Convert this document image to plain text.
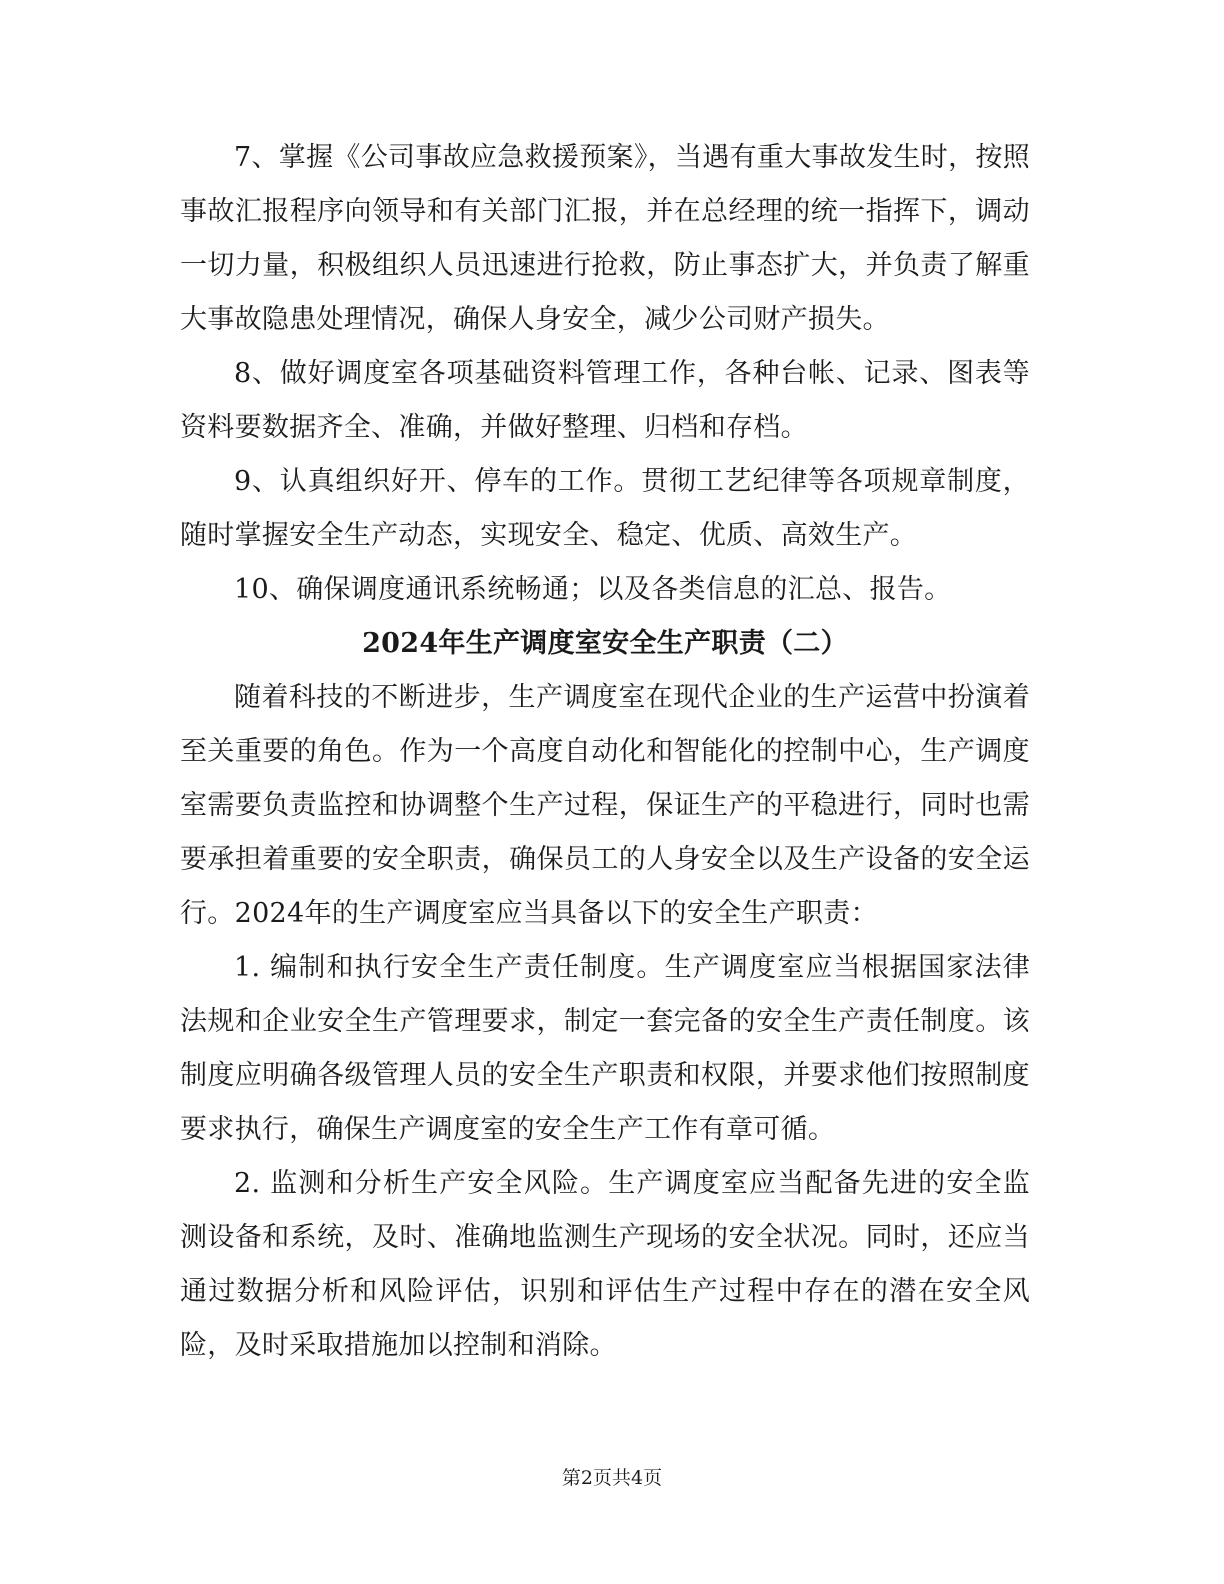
7、掌握《公司事故应急救援预案》，当遇有重大事故发生时，按照事故汇报程序向领导和有关部门汇报，并在总经理的统一指挥下，调动一切力量，积极组织人员迅速进行抢救，防止事态扩大，并负责了解重大事故隐患处理情况，确保人身安全，减少公司财产损失。

8、做好调度室各项基础资料管理工作，各种台帐、记录、图表等资料要数据齐全、准确，并做好整理、归档和存档。

9、认真组织好开、停车的工作。贯彻工艺纪律等各项规章制度，随时掌握安全生产动态，实现安全、稳定、优质、高效生产。

10、确保调度通讯系统畅通；以及各类信息的汇总、报告。

2024年生产调度室安全生产职责（二）

随着科技的不断进步，生产调度室在现代企业的生产运营中扮演着至关重要的角色。作为一个高度自动化和智能化的控制中心，生产调度室需要负责监控和协调整个生产过程，保证生产的平稳进行，同时也需要承担着重要的安全职责，确保员工的人身安全以及生产设备的安全运行。2024年的生产调度室应当具备以下的安全生产职责：

1. 编制和执行安全生产责任制度。生产调度室应当根据国家法律法规和企业安全生产管理要求，制定一套完备的安全生产责任制度。该制度应明确各级管理人员的安全生产职责和权限，并要求他们按照制度要求执行，确保生产调度室的安全生产工作有章可循。

2. 监测和分析生产安全风险。生产调度室应当配备先进的安全监测设备和系统，及时、准确地监测生产现场的安全状况。同时，还应当通过数据分析和风险评估，识别和评估生产过程中存在的潜在安全风险，及时采取措施加以控制和消除。

第2页共4页
